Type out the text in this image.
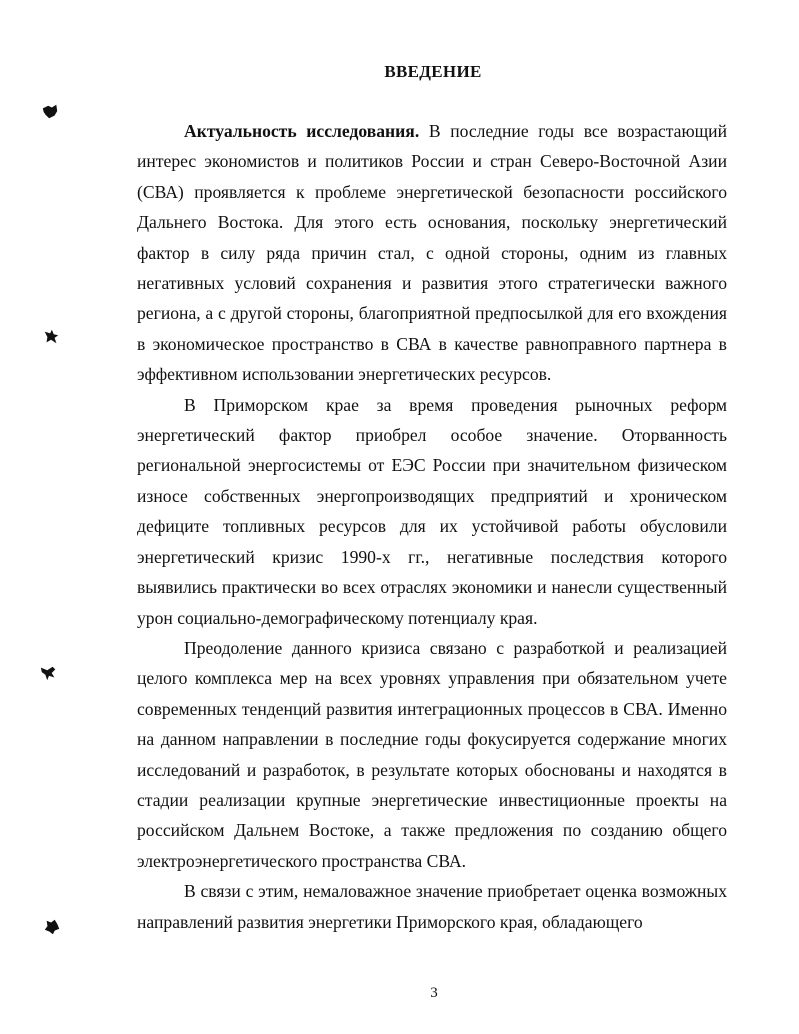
ВВЕДЕНИЕ

Актуальность исследования. В последние годы все возрастающий интерес экономистов и политиков России и стран Северо-Восточной Азии (СВА) проявляется к проблеме энергетической безопасности российского Дальнего Востока. Для этого есть основания, поскольку энергетический фактор в силу ряда причин стал, с одной стороны, одним из главных негативных условий сохранения и развития этого стратегически важного региона, а с другой стороны, благоприятной предпосылкой для его вхождения в экономическое пространство в СВА в качестве равноправного партнера в эффективном использовании энергетических ресурсов.

В Приморском крае за время проведения рыночных реформ энергетический фактор приобрел особое значение. Оторванность региональной энергосистемы от ЕЭС России при значительном физическом износе собственных энергопроизводящих предприятий и хроническом дефиците топливных ресурсов для их устойчивой работы обусловили энергетический кризис 1990-х гг., негативные последствия которого выявились практически во всех отраслях экономики и нанесли существенный урон социально-демографическому потенциалу края.

Преодоление данного кризиса связано с разработкой и реализацией целого комплекса мер на всех уровнях управления при обязательном учете современных тенденций развития интеграционных процессов в СВА. Именно на данном направлении в последние годы фокусируется содержание многих исследований и разработок, в результате которых обоснованы и находятся в стадии реализации крупные энергетические инвестиционные проекты на российском Дальнем Востоке, а также предложения по созданию общего электроэнергетического пространства СВА.

В связи с этим, немаловажное значение приобретает оценка возможных направлений развития энергетики Приморского края, обладающего

3
